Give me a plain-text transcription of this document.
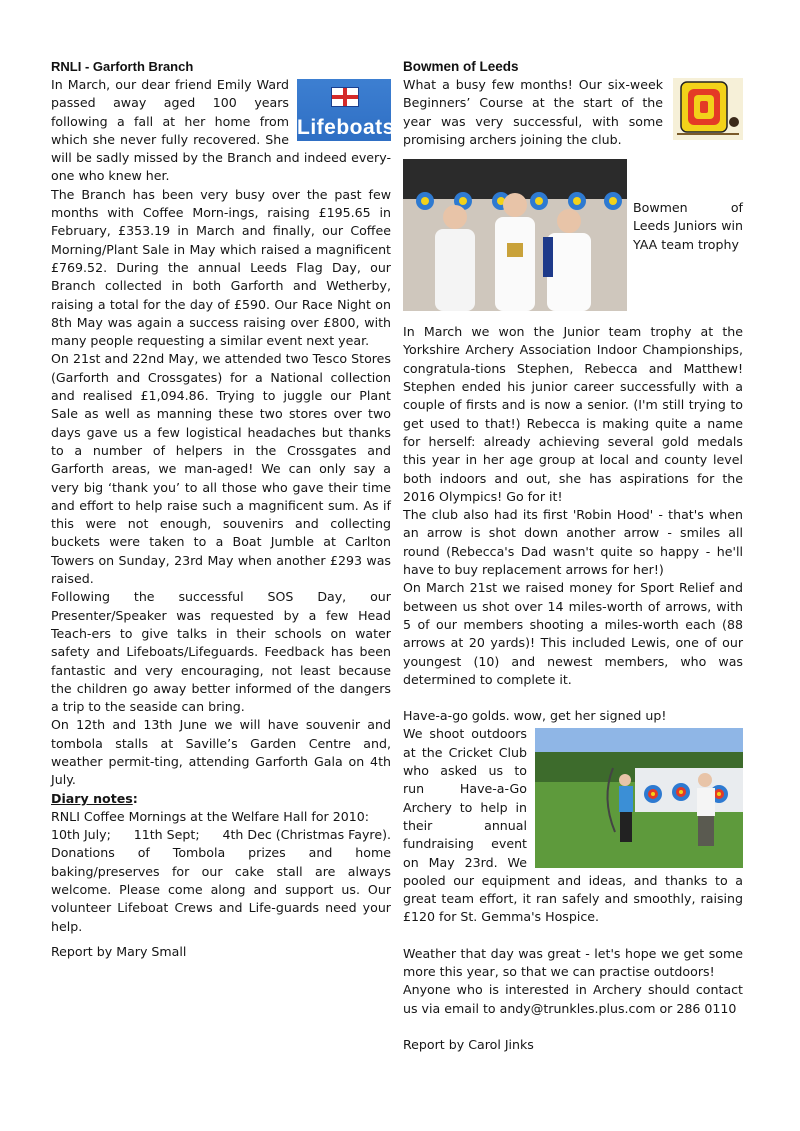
RNLI - Garforth Branch
Lifeboats

In March, our dear friend Emily Ward passed away aged 100 years following a fall at her home from which she never fully recovered. She will be sadly missed by the Branch and indeed every-one who knew her.

The Branch has been very busy over the past few months with Coffee Morn-ings, raising £195.65 in February, £353.19 in March and finally, our Coffee Morning/Plant Sale in May which raised a magnificent £769.52. During the annual Leeds Flag Day, our Branch collected in both Garforth and Wetherby, raising a total for the day of £590. Our Race Night on 8th May was again a success raising over £800, with many people requesting a similar event next year.

On 21st and 22nd May, we attended two Tesco Stores (Garforth and Crossgates) for a National collection and realised £1,094.86. Trying to juggle our Plant Sale as well as manning these two stores over two days gave us a few logistical headaches but thanks to a number of helpers in the Crossgates and Garforth areas, we man-aged! We can only say a very big ‘thank you’ to all those who gave their time and effort to help raise such a magnificent sum. As if this were not enough, souvenirs and collecting buckets were taken to a Boat Jumble at Carlton Towers on Sunday, 23rd May when another £293 was raised.

Following the successful SOS Day, our

Presenter/Speaker was requested by a few Head Teach-ers to give talks in their schools on water safety and Lifeboats/Lifeguards. Feedback has been fantastic and very encouraging, not least because the children go away better informed of the dangers a trip to the seaside can bring.

On 12th and 13th June we will have souvenir and tombola stalls at Saville’s Garden Centre and, weather permit-ting, attending Garforth Gala on 4th July.

Diary notes:

RNLI Coffee Mornings at the Welfare Hall for 2010:

10th July; 11th Sept; 4th Dec (Christmas Fayre).

Donations of Tombola prizes and home baking/preserves for our cake stall are always welcome. Please come along and support us. Our volunteer Lifeboat Crews and Life-guards need your help.

Report by Mary Small

Bowmen of Leeds

What a busy few months! Our six-week Beginners’ Course at the start of the year was very successful, with some promising archers joining the club.

Bowmen of Leeds Juniors win YAA team trophy

In March we won the Junior team trophy at the Yorkshire Archery Association Indoor Championships, congratula-tions Stephen, Rebecca and Matthew! Stephen ended his junior career successfully with a couple of firsts and is now a senior. (I'm still trying to get used to that!) Rebecca is making quite a name for herself: already achieving several gold medals this year in her age group at local and county level both indoors and out, she has aspirations for the 2016 Olympics! Go for it!

The club also had its first 'Robin Hood' - that's when an arrow is shot down another arrow - smiles all round (Rebecca's Dad wasn't quite so happy - he'll have to buy replacement arrows for her!)

On March 21st we raised money for Sport Relief and between us shot over 14 miles-worth of arrows, with 5 of our members shooting a miles-worth each (88 arrows at 20 yards)! This included Lewis, one of our youngest (10) and newest members, who was determined to complete it.

Have-a-go golds. wow, get her signed up!

We shoot outdoors at the Cricket Club who asked us to run Have-a-Go Archery to help in their annual fundraising event on May 23rd. We pooled our equipment and ideas, and thanks to a great team effort, it ran safely and smoothly, raising £120 for St. Gemma's Hospice.

Weather that day was great - let's hope we get some more this year, so that we can practise outdoors!

Anyone who is interested in Archery should contact us via email to andy@trunkles.plus.com or 286 0110

Report by Carol Jinks
